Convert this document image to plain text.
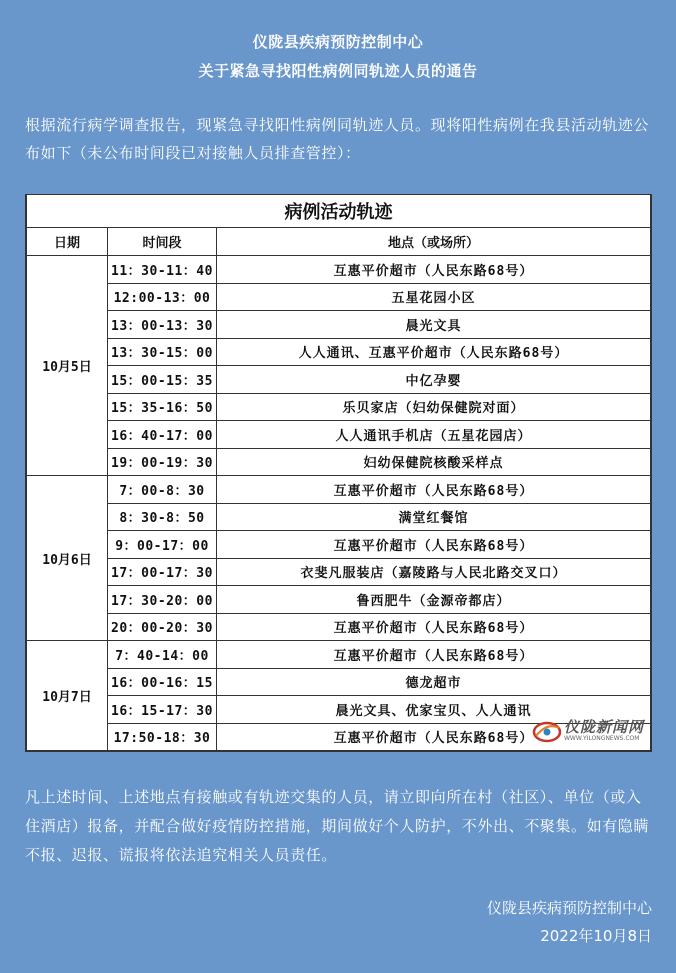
仪陇县疾病预防控制中心
关于紧急寻找阳性病例同轨迹人员的通告
根据流行病学调查报告，现紧急寻找阳性病例同轨迹人员。现将阳性病例在我县活动轨迹公布如下（未公布时间段已对接触人员排查管控）：
病例活动轨迹		
日期	时间段	地点（或场所）
10月5日	11：30-11：40	互惠平价超市（人民东路68号）
	12:00-13：00	五星花园小区
	13：00-13：30	晨光文具
	13：30-15：00	人人通讯、互惠平价超市（人民东路68号）
	15：00-15：35	中亿孕婴
	15：35-16：50	乐贝家店（妇幼保健院对面）
	16：40-17：00	人人通讯手机店（五星花园店）
	19：00-19：30	妇幼保健院核酸采样点
10月6日	7：00-8：30	互惠平价超市（人民东路68号）
	8：30-8：50	满堂红餐馆
	9：00-17：00	互惠平价超市（人民东路68号）
	17：00-17：30	衣斐凡服装店（嘉陵路与人民北路交叉口）
	17：30-20：00	鲁西肥牛（金源帝都店）
	20：00-20：30	互惠平价超市（人民东路68号）
10月7日	7：40-14：00	互惠平价超市（人民东路68号）
	16：00-16：15	德龙超市
	16：15-17：30	晨光文具、优家宝贝、人人通讯
	17:50-18：30	互惠平价超市（人民东路68号）
仪陇新闻网
WWW.YILONGNEWS.COM
凡上述时间、上述地点有接触或有轨迹交集的人员，请立即向所在村（社区）、单位（或入住酒店）报备，并配合做好疫情防控措施，期间做好个人防护，不外出、不聚集。如有隐瞒不报、迟报、谎报将依法追究相关人员责任。
仪陇县疾病预防控制中心
2022年10月8日
